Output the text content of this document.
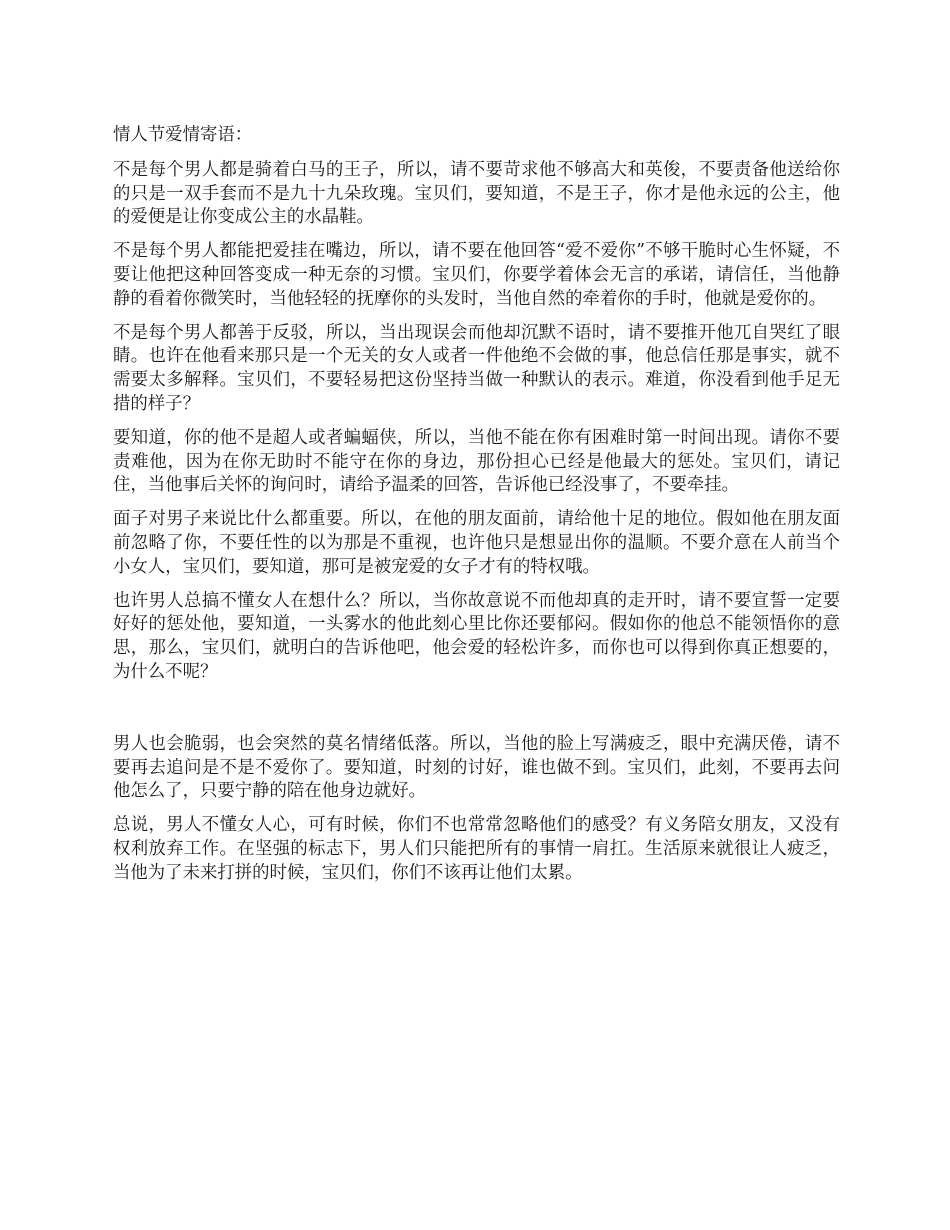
情人节爱情寄语：

不是每个男人都是骑着白马的王子，所以，请不要苛求他不够高大和英俊，不要责备他送给你的只是一双手套而不是九十九朵玫瑰。宝贝们，要知道，不是王子，你才是他永远的公主，他的爱便是让你变成公主的水晶鞋。

不是每个男人都能把爱挂在嘴边，所以，请不要在他回答“爱不爱你”不够干脆时心生怀疑，不要让他把这种回答变成一种无奈的习惯。宝贝们，你要学着体会无言的承诺，请信任，当他静静的看着你微笑时，当他轻轻的抚摩你的头发时，当他自然的牵着你的手时，他就是爱你的。

不是每个男人都善于反驳，所以，当出现误会而他却沉默不语时，请不要推开他兀自哭红了眼睛。也许在他看来那只是一个无关的女人或者一件他绝不会做的事，他总信任那是事实，就不需要太多解释。宝贝们，不要轻易把这份坚持当做一种默认的表示。难道，你没看到他手足无措的样子？

要知道，你的他不是超人或者蝙蝠侠，所以，当他不能在你有困难时第一时间出现。请你不要责难他，因为在你无助时不能守在你的身边，那份担心已经是他最大的惩处。宝贝们，请记住，当他事后关怀的询问时，请给予温柔的回答，告诉他已经没事了，不要牵挂。

面子对男子来说比什么都重要。所以，在他的朋友面前，请给他十足的地位。假如他在朋友面前忽略了你，不要任性的以为那是不重视，也许他只是想显出你的温顺。不要介意在人前当个小女人，宝贝们，要知道，那可是被宠爱的女子才有的特权哦。

也许男人总搞不懂女人在想什么？所以，当你故意说不而他却真的走开时，请不要宣誓一定要好好的惩处他，要知道，一头雾水的他此刻心里比你还要郁闷。假如你的他总不能领悟你的意思，那么，宝贝们，就明白的告诉他吧，他会爱的轻松许多，而你也可以得到你真正想要的，为什么不呢？

男人也会脆弱，也会突然的莫名情绪低落。所以，当他的脸上写满疲乏，眼中充满厌倦，请不要再去追问是不是不爱你了。要知道，时刻的讨好，谁也做不到。宝贝们，此刻，不要再去问他怎么了，只要宁静的陪在他身边就好。

总说，男人不懂女人心，可有时候，你们不也常常忽略他们的感受？有义务陪女朋友，又没有权利放弃工作。在坚强的标志下，男人们只能把所有的事情一肩扛。生活原来就很让人疲乏，当他为了未来打拼的时候，宝贝们，你们不该再让他们太累。
